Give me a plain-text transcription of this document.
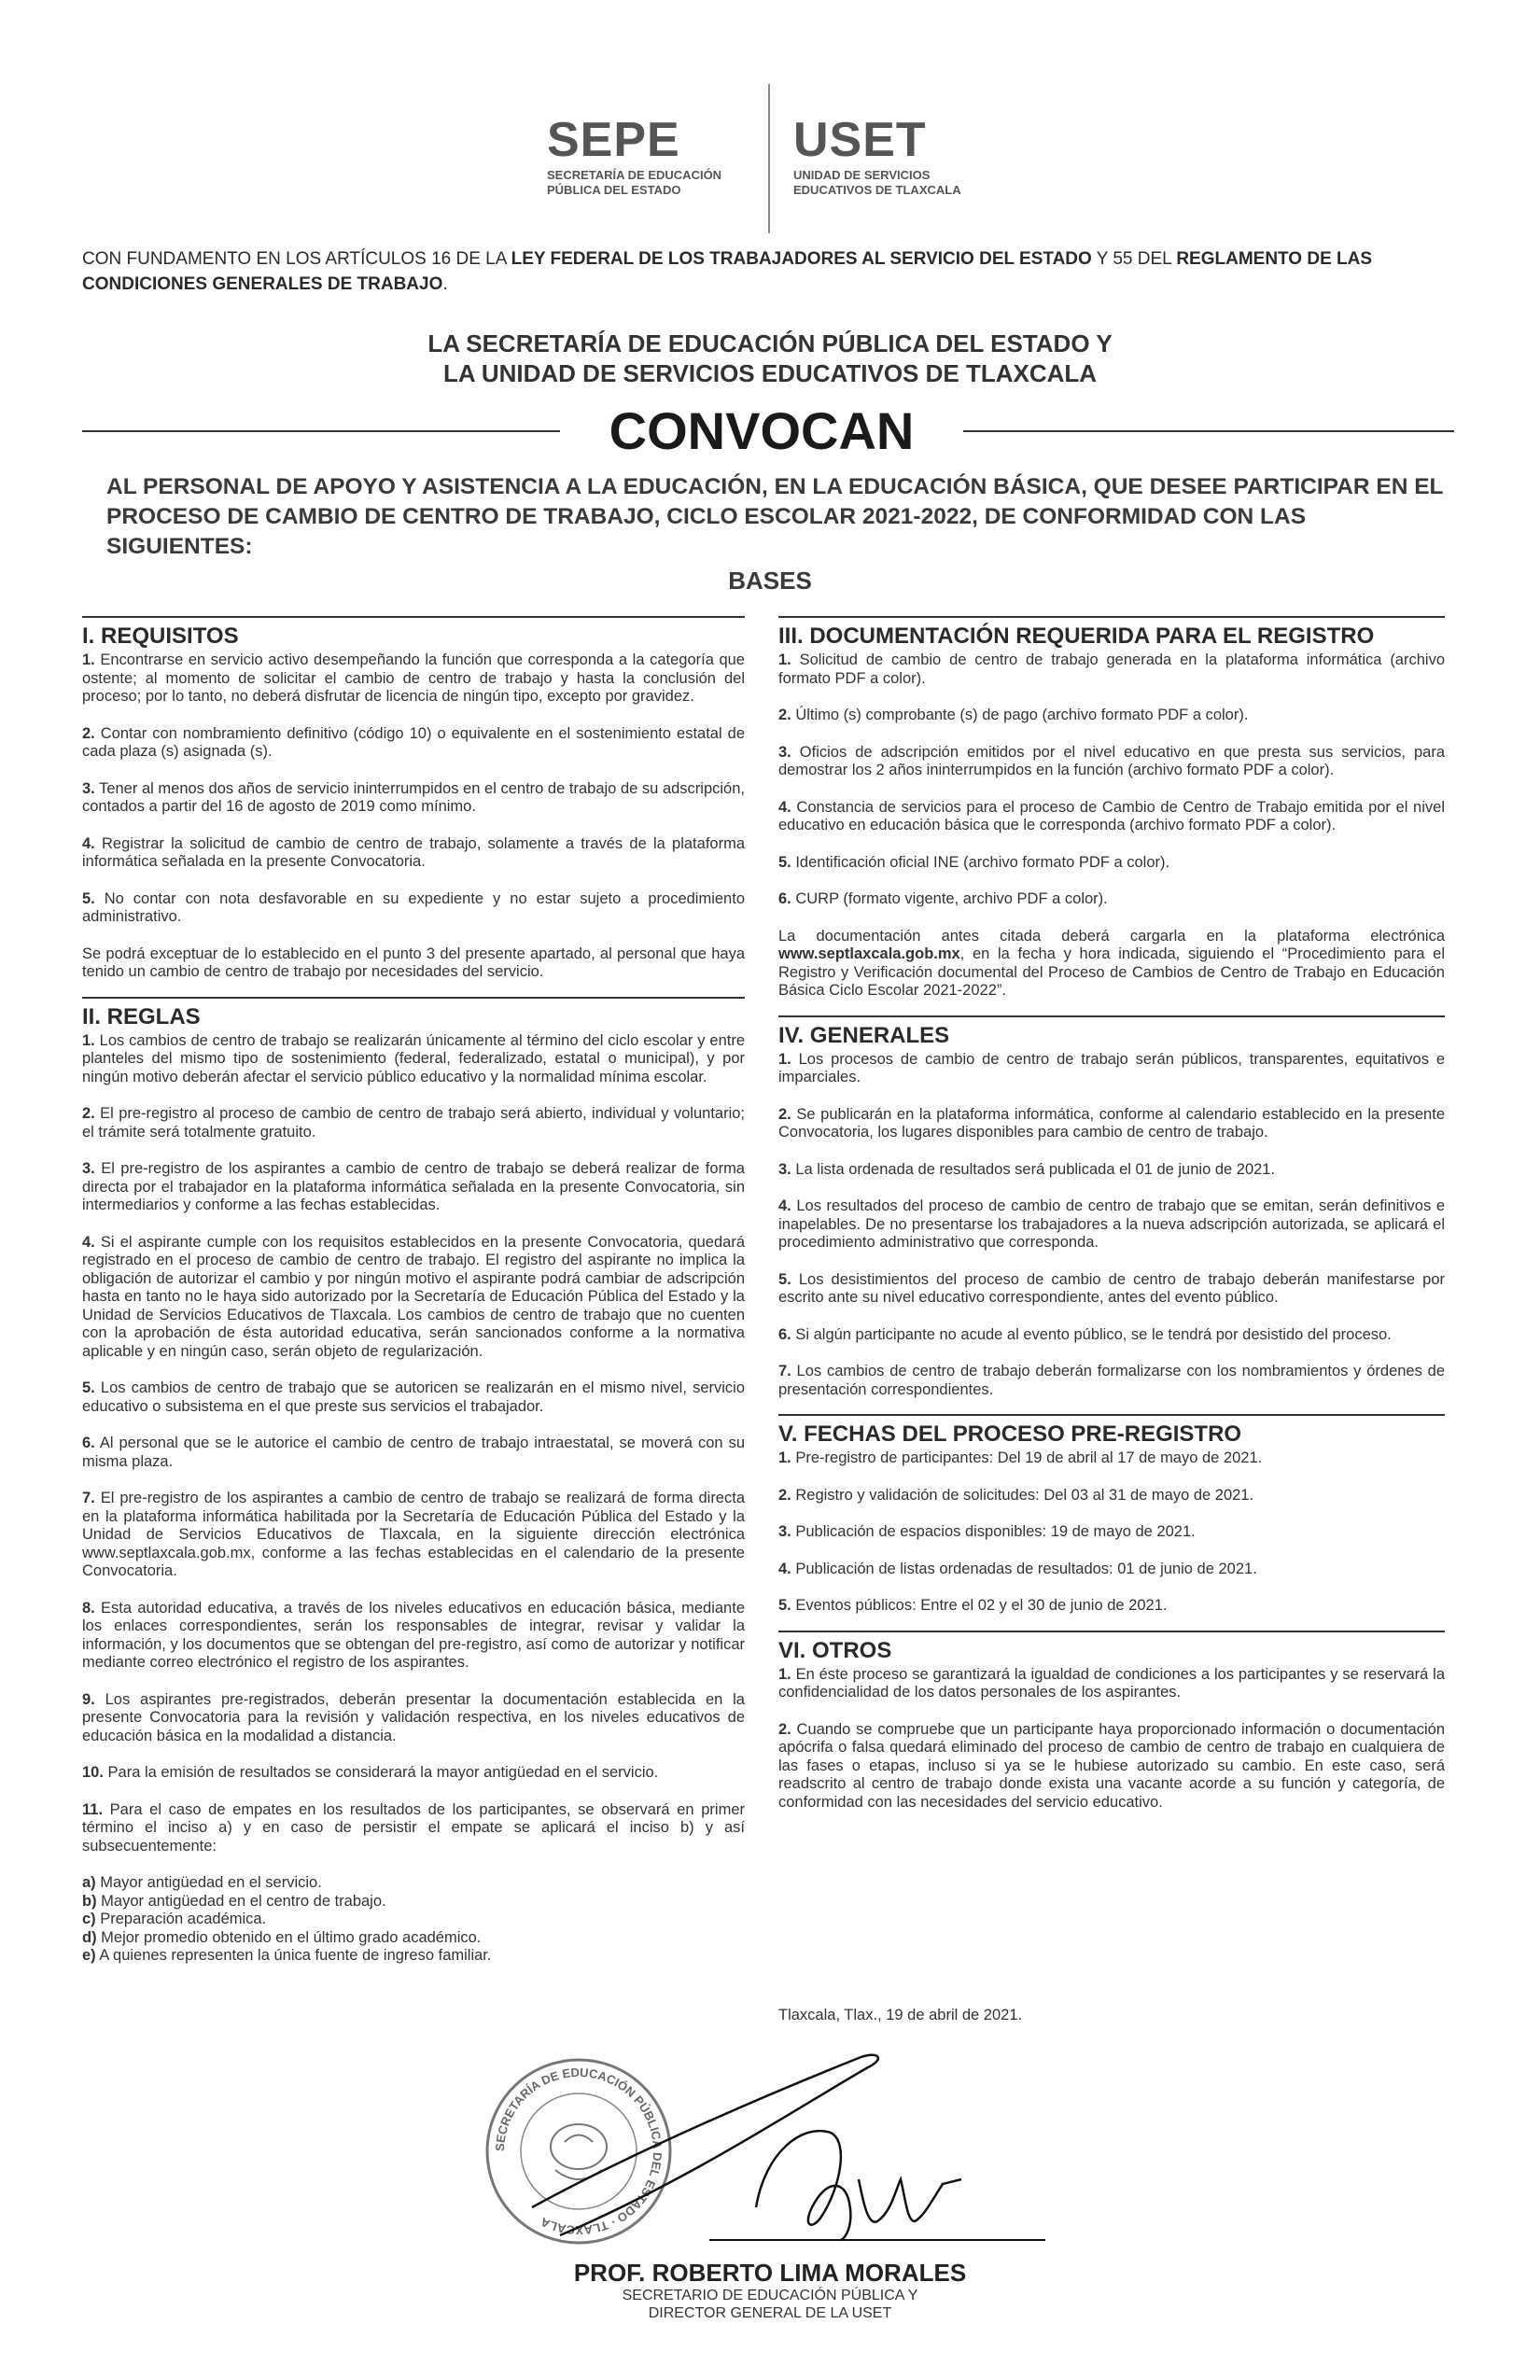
SEPE
SECRETARÍA DE EDUCACIÓN
PÚBLICA DEL ESTADO
USET
UNIDAD DE SERVICIOS
EDUCATIVOS DE TLAXCALA
CON FUNDAMENTO EN LOS ARTÍCULOS 16 DE LA LEY FEDERAL DE LOS TRABAJADORES AL SERVICIO DEL ESTADO Y 55 DEL REGLAMENTO DE LAS CONDICIONES GENERALES DE TRABAJO.
LA SECRETARÍA DE EDUCACIÓN PÚBLICA DEL ESTADO Y
LA UNIDAD DE SERVICIOS EDUCATIVOS DE TLAXCALA
CONVOCAN
AL PERSONAL DE APOYO Y ASISTENCIA A LA EDUCACIÓN, EN LA EDUCACIÓN BÁSICA, QUE DESEE PARTICIPAR EN EL PROCESO DE CAMBIO DE CENTRO DE TRABAJO, CICLO ESCOLAR 2021-2022, DE CONFORMIDAD CON LAS SIGUIENTES:
BASES
I. REQUISITOS
1. Encontrarse en servicio activo desempeñando la función que corresponda a la categoría que ostente; al momento de solicitar el cambio de centro de trabajo y hasta la conclusión del proceso; por lo tanto, no deberá disfrutar de licencia de ningún tipo, excepto por gravidez.
2. Contar con nombramiento definitivo (código 10) o equivalente en el sostenimiento estatal de cada plaza (s) asignada (s).
3. Tener al menos dos años de servicio ininterrumpidos en el centro de trabajo de su adscripción, contados a partir del 16 de agosto de 2019 como mínimo.
4. Registrar la solicitud de cambio de centro de trabajo, solamente a través de la plataforma informática señalada en la presente Convocatoria.
5. No contar con nota desfavorable en su expediente y no estar sujeto a procedimiento administrativo.
Se podrá exceptuar de lo establecido en el punto 3 del presente apartado, al personal que haya tenido un cambio de centro de trabajo por necesidades del servicio.
II. REGLAS
1. Los cambios de centro de trabajo se realizarán únicamente al término del ciclo escolar y entre planteles del mismo tipo de sostenimiento (federal, federalizado, estatal o municipal), y por ningún motivo deberán afectar el servicio público educativo y la normalidad mínima escolar.
2. El pre-registro al proceso de cambio de centro de trabajo será abierto, individual y voluntario; el trámite será totalmente gratuito.
3. El pre-registro de los aspirantes a cambio de centro de trabajo se deberá realizar de forma directa por el trabajador en la plataforma informática señalada en la presente Convocatoria, sin intermediarios y conforme a las fechas establecidas.
4. Si el aspirante cumple con los requisitos establecidos en la presente Convocatoria, quedará registrado en el proceso de cambio de centro de trabajo. El registro del aspirante no implica la obligación de autorizar el cambio y por ningún motivo el aspirante podrá cambiar de adscripción hasta en tanto no le haya sido autorizado por la Secretaría de Educación Pública del Estado y la Unidad de Servicios Educativos de Tlaxcala. Los cambios de centro de trabajo que no cuenten con la aprobación de ésta autoridad educativa, serán sancionados conforme a la normativa aplicable y en ningún caso, serán objeto de regularización.
5. Los cambios de centro de trabajo que se autoricen se realizarán en el mismo nivel, servicio educativo o subsistema en el que preste sus servicios el trabajador.
6. Al personal que se le autorice el cambio de centro de trabajo intraestatal, se moverá con su misma plaza.
7. El pre-registro de los aspirantes a cambio de centro de trabajo se realizará de forma directa en la plataforma informática habilitada por la Secretaría de Educación Pública del Estado y la Unidad de Servicios Educativos de Tlaxcala, en la siguiente dirección electrónica www.septlaxcala.gob.mx, conforme a las fechas establecidas en el calendario de la presente Convocatoria.
8. Esta autoridad educativa, a través de los niveles educativos en educación básica, mediante los enlaces correspondientes, serán los responsables de integrar, revisar y validar la información, y los documentos que se obtengan del pre-registro, así como de autorizar y notificar mediante correo electrónico el registro de los aspirantes.
9. Los aspirantes pre-registrados, deberán presentar la documentación establecida en la presente Convocatoria para la revisión y validación respectiva, en los niveles educativos de educación básica en la modalidad a distancia.
10. Para la emisión de resultados se considerará la mayor antigüedad en el servicio.
11. Para el caso de empates en los resultados de los participantes, se observará en primer término el inciso a) y en caso de persistir el empate se aplicará el inciso b) y así subsecuentemente:
a) Mayor antigüedad en el servicio.
b) Mayor antigüedad en el centro de trabajo.
c) Preparación académica.
d) Mejor promedio obtenido en el último grado académico.
e) A quienes representen la única fuente de ingreso familiar.
III. DOCUMENTACIÓN REQUERIDA PARA EL REGISTRO
1. Solicitud de cambio de centro de trabajo generada en la plataforma informática (archivo formato PDF a color).
2. Último (s) comprobante (s) de pago (archivo formato PDF a color).
3. Oficios de adscripción emitidos por el nivel educativo en que presta sus servicios, para demostrar los 2 años ininterrumpidos en la función (archivo formato PDF a color).
4. Constancia de servicios para el proceso de Cambio de Centro de Trabajo emitida por el nivel educativo en educación básica que le corresponda (archivo formato PDF a color).
5. Identificación oficial INE (archivo formato PDF a color).
6. CURP (formato vigente, archivo PDF a color).
La documentación antes citada deberá cargarla en la plataforma electrónica www.septlaxcala.gob.mx, en la fecha y hora indicada, siguiendo el “Procedimiento para el Registro y Verificación documental del Proceso de Cambios de Centro de Trabajo en Educación Básica Ciclo Escolar 2021-2022”.
IV. GENERALES
1. Los procesos de cambio de centro de trabajo serán públicos, transparentes, equitativos e imparciales.
2. Se publicarán en la plataforma informática, conforme al calendario establecido en la presente Convocatoria, los lugares disponibles para cambio de centro de trabajo.
3. La lista ordenada de resultados será publicada el 01 de junio de 2021.
4. Los resultados del proceso de cambio de centro de trabajo que se emitan, serán definitivos e inapelables. De no presentarse los trabajadores a la nueva adscripción autorizada, se aplicará el procedimiento administrativo que corresponda.
5. Los desistimientos del proceso de cambio de centro de trabajo deberán manifestarse por escrito ante su nivel educativo correspondiente, antes del evento público.
6. Si algún participante no acude al evento público, se le tendrá por desistido del proceso.
7. Los cambios de centro de trabajo deberán formalizarse con los nombramientos y órdenes de presentación correspondientes.
V. FECHAS DEL PROCESO PRE-REGISTRO
1. Pre-registro de participantes: Del 19 de abril al 17 de mayo de 2021.
2. Registro y validación de solicitudes: Del 03 al 31 de mayo de 2021.
3. Publicación de espacios disponibles: 19 de mayo de 2021.
4. Publicación de listas ordenadas de resultados: 01 de junio de 2021.
5. Eventos públicos: Entre el 02 y el 30 de junio de 2021.
VI. OTROS
1. En éste proceso se garantizará la igualdad de condiciones a los participantes y se reservará la confidencialidad de los datos personales de los aspirantes.
2. Cuando se compruebe que un participante haya proporcionado información o documentación apócrifa o falsa quedará eliminado del proceso de cambio de centro de trabajo en cualquiera de las fases o etapas, incluso si ya se le hubiese autorizado su cambio. En este caso, será readscrito al centro de trabajo donde exista una vacante acorde a su función y categoría, de conformidad con las necesidades del servicio educativo.
Tlaxcala, Tlax., 19 de abril de 2021.
SECRETARÍA DE EDUCACIÓN PÚBLICA DEL ESTADO · TLAXCALA
PROF. ROBERTO LIMA MORALES
SECRETARIO DE EDUCACIÓN PÚBLICA Y
DIRECTOR GENERAL DE LA USET
